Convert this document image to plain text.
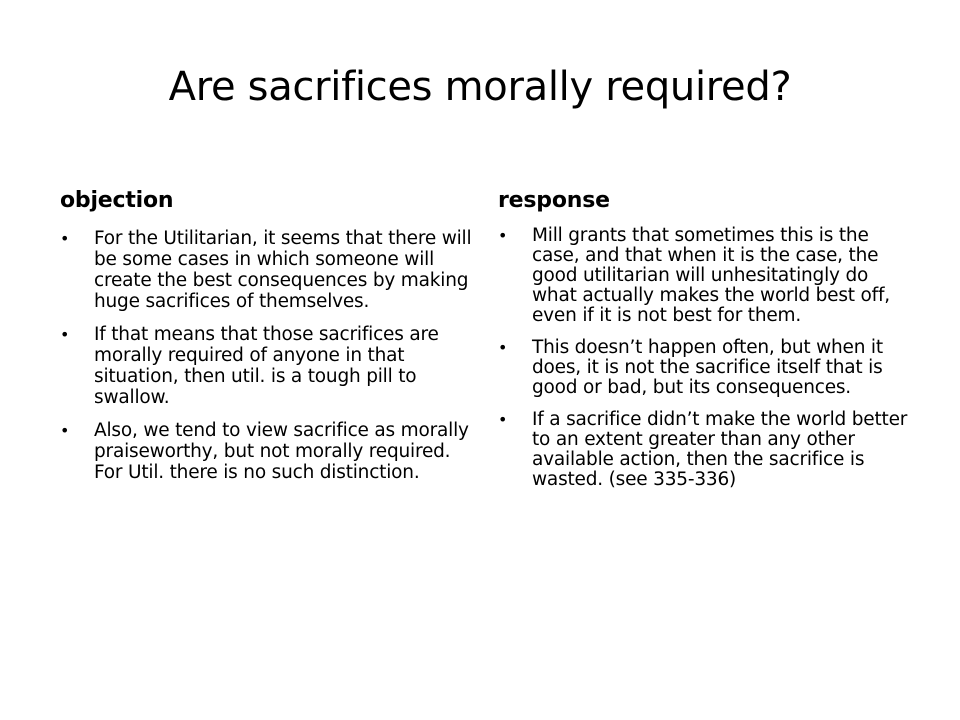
Are sacrifices morally required?
objection
• For the Utilitarian, it seems that there will be some cases in which someone will create the best consequences by making huge sacrifices of themselves.
• If that means that those sacrifices are morally required of anyone in that situation, then util. is a tough pill to swallow.
• Also, we tend to view sacrifice as morally praiseworthy, but not morally required. For Util. there is no such distinction.
response
• Mill grants that sometimes this is the case, and that when it is the case, the good utilitarian will unhesitatingly do what actually makes the world best off, even if it is not best for them.
• This doesn’t happen often, but when it does, it is not the sacrifice itself that is good or bad, but its consequences.
• If a sacrifice didn’t make the world better to an extent greater than any other available action, then the sacrifice is wasted. (see 335-336)
